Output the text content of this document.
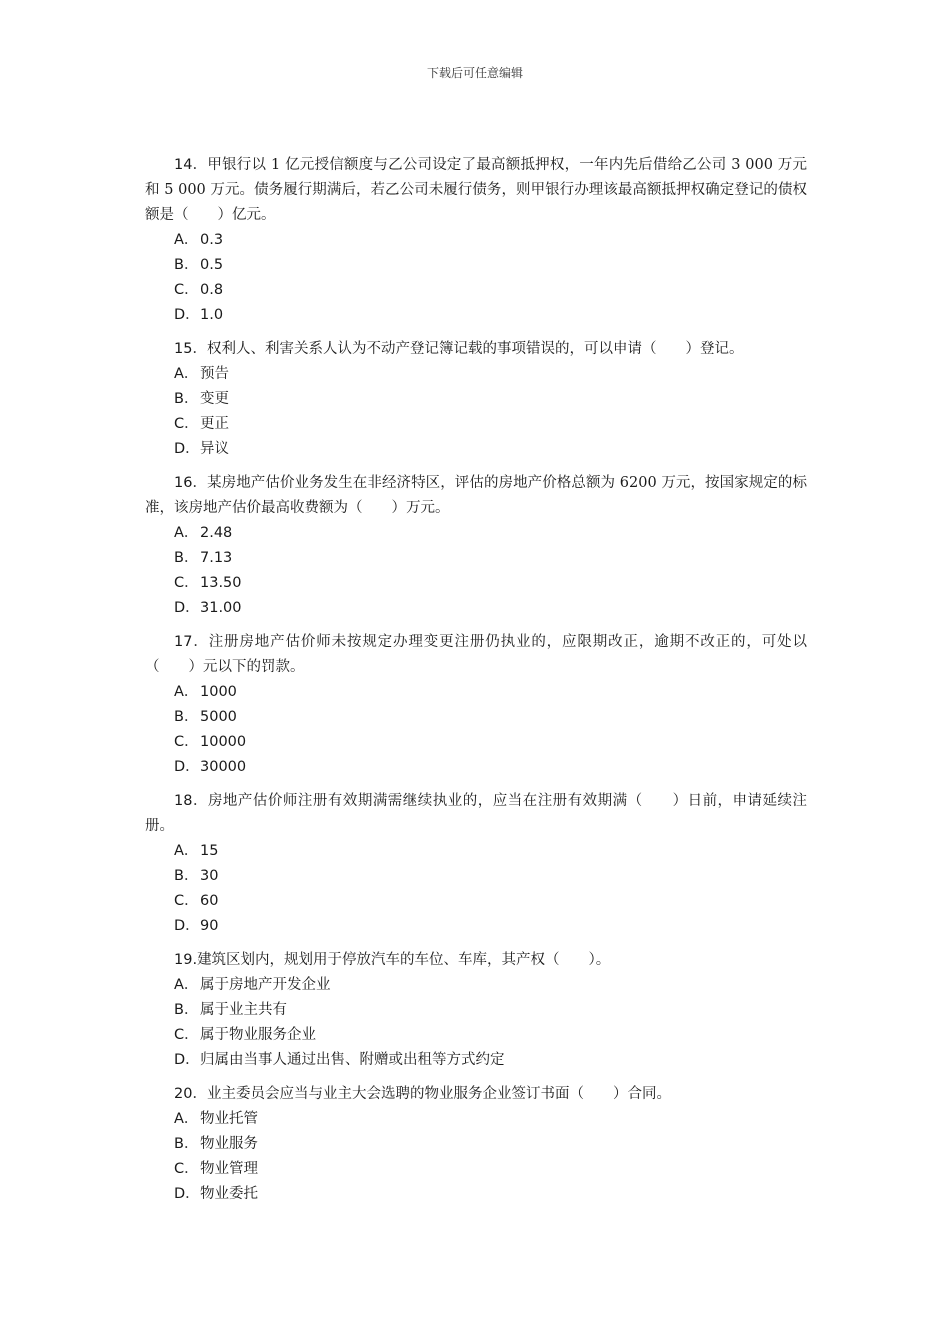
下载后可任意编辑

14．甲银行以 1 亿元授信额度与乙公司设定了最高额抵押权，一年内先后借给乙公司 3 000 万元和 5 000 万元。债务履行期满后，若乙公司未履行债务，则甲银行办理该最高额抵押权确定登记的债权额是（　　）亿元。

A． 0.3
B． 0.5
C．0.8
D．1.0

15．权利人、利害关系人认为不动产登记簿记载的事项错误的，可以申请（　　）登记。

A． 预告
B． 变更
C．更正
D．异议

16．某房地产估价业务发生在非经济特区，评估的房地产价格总额为 6200 万元，按国家规定的标准，该房地产估价最高收费额为（　　）万元。

A． 2.48
B． 7.13
C．13.50
D．31.00

17．注册房地产估价师未按规定办理变更注册仍执业的，应限期改正，逾期不改正的，可处以（　　）元以下的罚款。

A． 1000
B． 5000
C．10000
D．30000

18．房地产估价师注册有效期满需继续执业的，应当在注册有效期满（　　）日前，申请延续注册。

A． 15
B． 30
C．60
D．90

19.建筑区划内，规划用于停放汽车的车位、车库，其产权（　　）。

A． 属于房地产开发企业
B． 属于业主共有
C．属于物业服务企业
D．归属由当事人通过出售、附赠或出租等方式约定

20．业主委员会应当与业主大会选聘的物业服务企业签订书面（　　）合同。

A． 物业托管
B． 物业服务
C．物业管理
D．物业委托
